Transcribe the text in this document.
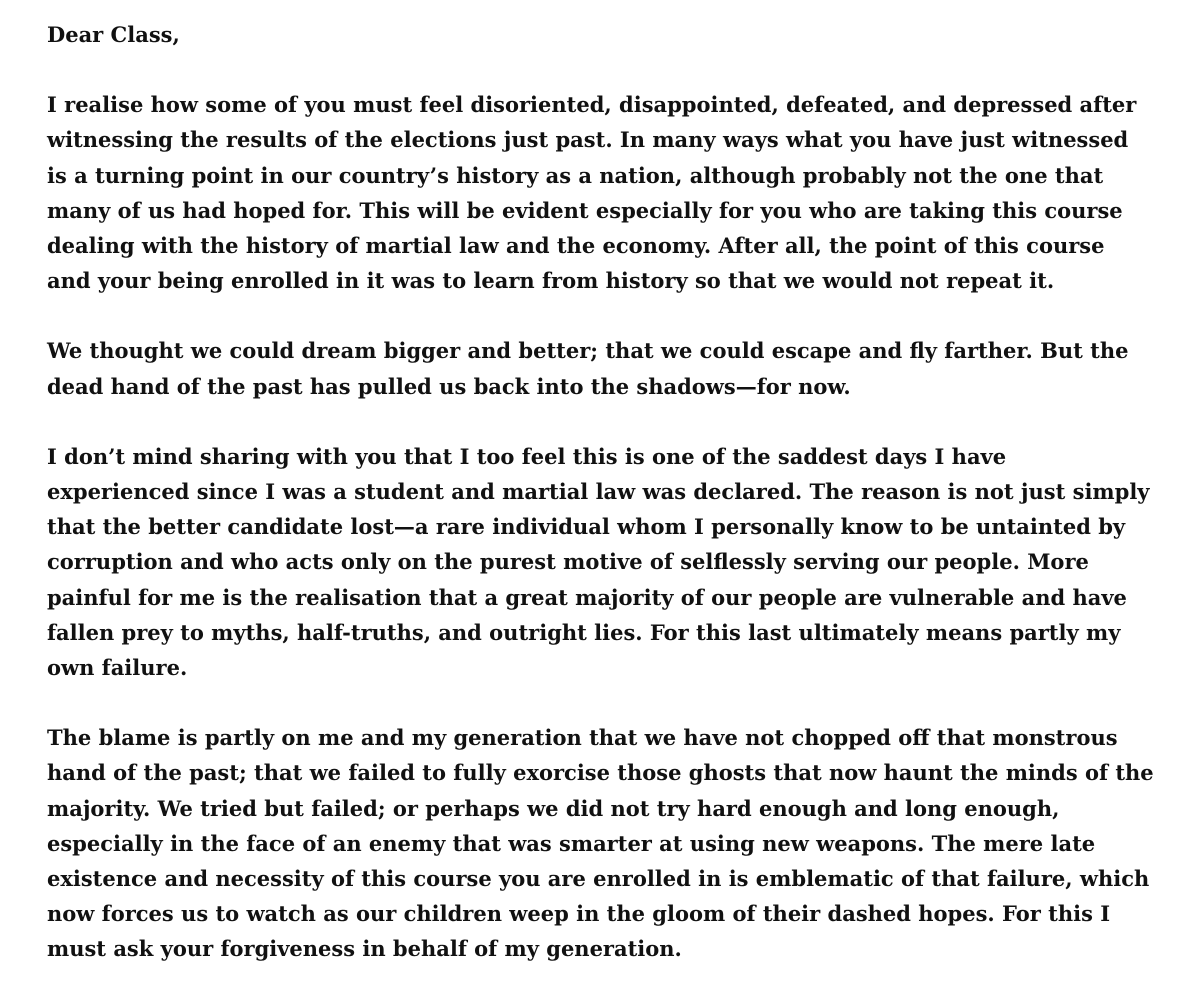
Dear Class,
I realise how some of you must feel disoriented, disappointed, defeated, and depressed after
witnessing the results of the elections just past. In many ways what you have just witnessed
is a turning point in our country’s history as a nation, although probably not the one that
many of us had hoped for. This will be evident especially for you who are taking this course
dealing with the history of martial law and the economy. After all, the point of this course
and your being enrolled in it was to learn from history so that we would not repeat it.
We thought we could dream bigger and better; that we could escape and fly farther. But the
dead hand of the past has pulled us back into the shadows—for now.
I don’t mind sharing with you that I too feel this is one of the saddest days I have
experienced since I was a student and martial law was declared. The reason is not just simply
that the better candidate lost—a rare individual whom I personally know to be untainted by
corruption and who acts only on the purest motive of selflessly serving our people. More
painful for me is the realisation that a great majority of our people are vulnerable and have
fallen prey to myths, half-truths, and outright lies. For this last ultimately means partly my
own failure.
The blame is partly on me and my generation that we have not chopped off that monstrous
hand of the past; that we failed to fully exorcise those ghosts that now haunt the minds of the
majority. We tried but failed; or perhaps we did not try hard enough and long enough,
especially in the face of an enemy that was smarter at using new weapons. The mere late
existence and necessity of this course you are enrolled in is emblematic of that failure, which
now forces us to watch as our children weep in the gloom of their dashed hopes. For this I
must ask your forgiveness in behalf of my generation.
